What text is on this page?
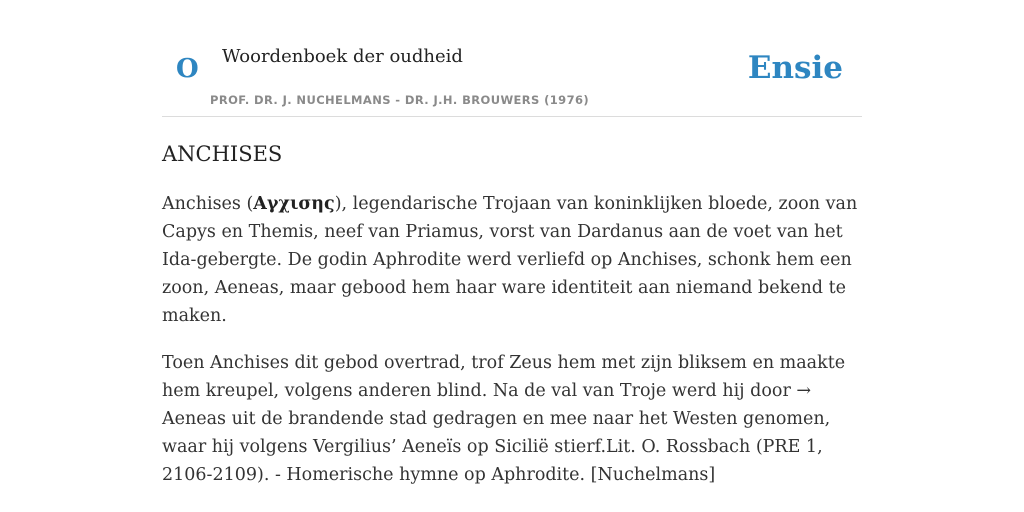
O Woordenboek der oudheid	Ensie
PROF. DR. J. NUCHELMANS - DR. J.H. BROUWERS (1976)
ANCHISES

Anchises (Αγχισης), legendarische Trojaan van koninklijken bloede, zoon van Capys en Themis, neef van Priamus, vorst van Dardanus aan de voet van het Ida-gebergte. De godin Aphrodite werd verliefd op Anchises, schonk hem een zoon, Aeneas, maar gebood hem haar ware identiteit aan niemand bekend te maken.

Toen Anchises dit gebod overtrad, trof Zeus hem met zijn bliksem en maakte hem kreupel, volgens anderen blind. Na de val van Troje werd hij door → Aeneas uit de brandende stad gedragen en mee naar het Westen genomen, waar hij volgens Vergilius’ Aeneïs op Sicilië stierf.Lit. O. Rossbach (PRE 1, 2106-2109). - Homerische hymne op Aphrodite. [Nuchelmans]
